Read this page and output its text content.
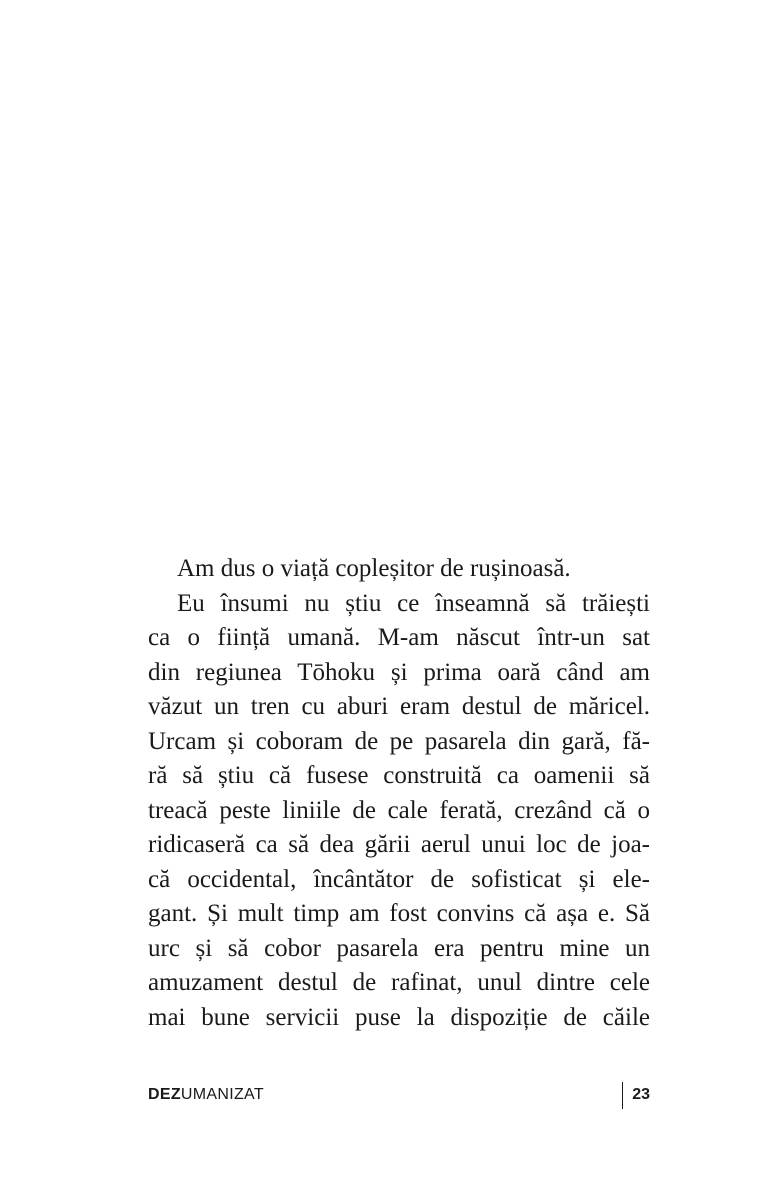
Am dus o viață copleșitor de rușinoasă.
Eu însumi nu știu ce înseamnă să trăiești
ca o ființă umană. M-am născut într-un sat
din regiunea Tōhoku și prima oară când am
văzut un tren cu aburi eram destul de măricel.
Urcam și coboram de pe pasarela din gară, fă-
ră să știu că fusese construită ca oamenii să
treacă peste liniile de cale ferată, crezând că o
ridicaseră ca să dea gării aerul unui loc de joa-
că occidental, încântător de sofisticat și ele-
gant. Și mult timp am fost convins că așa e. Să
urc și să cobor pasarela era pentru mine un
amuzament destul de rafinat, unul dintre cele
mai bune servicii puse la dispoziție de căile
DEZUMANIZAT	23
